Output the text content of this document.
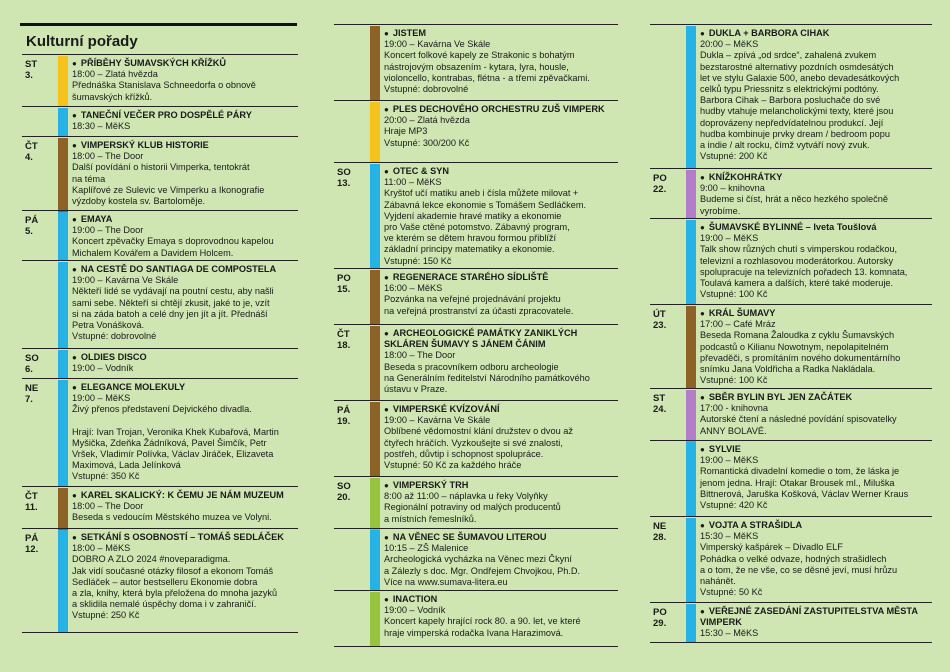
Kulturní pořady
ST
3.
● PŘÍBĚHY ŠUMAVSKÝCH KŘÍŽKŮ
18:00 – Zlatá hvězda
Přednáška Stanislava Schneedorfa o obnově
šumavských křížků.
● TANEČNÍ VEČER PRO DOSPĚLÉ PÁRY
18:30 – MěKS
ČT
4.
● VIMPERSKÝ KLUB HISTORIE
18:00 – The Door
Další povídání o historii Vimperka, tentokrát
na téma
Kaplířové ze Sulevic ve Vimperku a Ikonografie
výzdoby kostela sv. Bartoloměje.
PÁ
5.
● EMAYA
19:00 – The Door
Koncert zpěvačky Emaya s doprovodnou kapelou
Michalem Kovářem a Davidem Holcem.
● NA CESTĚ DO SANTIAGA DE COMPOSTELA
19:00 – Kavárna Ve Skále
Někteří lidé se vydávají na poutní cestu, aby našli
sami sebe. Někteří si chtějí zkusit, jaké to je, vzít
si na záda batoh a celé dny jen jít a jít. Přednáší
Petra Vonášková.
Vstupné: dobrovolné
SO
6.
● OLDIES DISCO
19:00 – Vodník
NE
7.
● ELEGANCE MOLEKULY
19:00 – MěKS
Živý přenos představení Dejvického divadla.
Hrají: Ivan Trojan, Veronika Khek Kubařová, Martin
Myšička, Zdeňka Žádníková, Pavel Šimčík, Petr
Vršek, Vladimír Polívka, Václav Jiráček, Elizaveta
Maximová, Lada Jelínková
Vstupné: 350 Kč
ČT
11.
● KAREL SKALICKÝ: K ČEMU JE NÁM MUZEUM
18:00 – The Door
Beseda s vedoucím Městského muzea ve Volyni.
PÁ
12.
● SETKÁNÍ S OSOBNOSTÍ – TOMÁŠ SEDLÁČEK
18:00 – MěKS
DOBRO A ZLO 2024 #noveparadigma.
Jak vidí současné otázky filosof a ekonom Tomáš
Sedláček – autor bestselleru Ekonomie dobra
a zla, knihy, která byla přeložena do mnoha jazyků
a sklidila nemalé úspěchy doma i v zahraničí.
Vstupné: 250 Kč
● JISTEM
19:00 – Kavárna Ve Skále
Koncert folkové kapely ze Strakonic s bohatým
nástrojovým obsazením - kytara, lyra, housle,
violoncello, kontrabas, flétna - a třemi zpěvačkami.
Vstupné: dobrovolné
● PLES DECHOVÉHO ORCHESTRU ZUŠ VIMPERK
20:00 – Zlatá hvězda
Hraje MP3
Vstupné: 300/200 Kč
SO
13.
● OTEC & SYN
11:00 – MěKS
Kryštof učí matiku aneb i čísla můžete milovat +
Zábavná lekce ekonomie s Tomášem Sedláčkem.
Vyjdení akademie hravé matiky a ekonomie
pro Vaše ctěné potomstvo. Zábavný program,
ve kterém se dětem hravou formou přiblíží
základní principy matematiky a ekonomie.
Vstupné: 150 Kč
PO
15.
● REGENERACE STARÉHO SÍDLIŠTĚ
16:00 – MěKS
Pozvánka na veřejné projednávání projektu
na veřejná prostranství za účasti zpracovatele.
ČT
18.
● ARCHEOLOGICKÉ PAMÁTKY ZANIKLÝCH SKLÁREN ŠUMAVY S JÁNEM ČÁNIM
18:00 – The Door
Beseda s pracovníkem odboru archeologie
na Generálním ředitelství Národního památkového
ústavu v Praze.
PÁ
19.
● VIMPERSKÉ KVÍZOVÁNÍ
19:00 – Kavárna Ve Skále
Oblíbené vědomostní klání družstev o dvou až
čtyřech hráčích. Vyzkoušejte si své znalosti,
postřeh, důvtip i schopnost spolupráce.
Vstupné: 50 Kč za každého hráče
SO
20.
● VIMPERSKÝ TRH
8:00 až 11:00 – náplavka u řeky Volyňky
Regionální potraviny od malých producentů
a místních řemeslníků.
● NA VĚNEC SE ŠUMAVOU LITEROU
10:15 – ZŠ Malenice
Archeologická vycházka na Věnec mezi Čkyní
a Zálezly s doc. Mgr. Ondřejem Chvojkou, Ph.D.
Více na www.sumava-litera.eu
● INACTION
19:00 – Vodník
Koncert kapely hrající rock 80. a 90. let, ve které
hraje vimperská rodačka Ivana Harazimová.
● DUKLA + BARBORA CIHAK
20:00 – MěKS
Dukla – zpívá „od srdce“, zahalená zvukem
bezstarostné alternativy pozdních osmdesátých
let ve stylu Galaxie 500, anebo devadesátkových
celků typu Priessnitz s elektrickými podtóny.
Barbora Cihak – Barbora posluchače do své
hudby vtahuje melancholickými texty, které jsou
doprovázeny nepředvídatelnou produkcí. Její
hudba kombinuje prvky dream / bedroom popu
a indie / alt rocku, čímž vytváří nový zvuk.
Vstupné: 200 Kč
PO
22.
● KNÍŽKOHRÁTKY
9:00 – knihovna
Budeme si číst, hrát a něco hezkého společně
vyrobíme.
● ŠUMAVSKÉ BYLINNÉ – Iveta Toušlová
19:00 – MěKS
Talk show různých chutí s vimperskou rodačkou,
televizní a rozhlasovou moderátorkou. Autorsky
spolupracuje na televizních pořadech 13. komnata,
Toulavá kamera a dalších, které také moderuje.
Vstupné: 100 Kč
ÚT
23.
● KRÁL ŠUMAVY
17:00 – Café Mráz
Beseda Romana Žaloudka z cyklu Šumavských
podcastů o Kilianu Nowotnym, nepolapitelném
převaděči, s promítáním nového dokumentárního
snímku Jana Voldřicha a Radka Nakládala.
Vstupné: 100 Kč
ST
24.
● SBĚR BYLIN BYL JEN ZAČÁTEK
17:00 - knihovna
Autorské čtení a následné povídání spisovatelky
ANNY BOLAVÉ.
● SYLVIE
19:00 – MěKS
Romantická divadelní komedie o tom, že láska je
jenom jedna. Hrají: Otakar Brousek ml., Miluška
Bittnerová, Jaruška Košková, Václav Werner Kraus
Vstupné: 420 Kč
NE
28.
● VOJTA A STRAŠIDLA
15:30 – MěKS
Vimperský kašpárek – Divadlo ELF
Pohádka o velké odvaze, hodných strašidlech
a o tom, že ne vše, co se děsné jeví, musí hrůzu
nahánět.
Vstupné: 50 Kč
PO
29.
● VEŘEJNÉ ZASEDÁNÍ ZASTUPITELSTVA MĚSTA VIMPERK
15:30 – MěKS
